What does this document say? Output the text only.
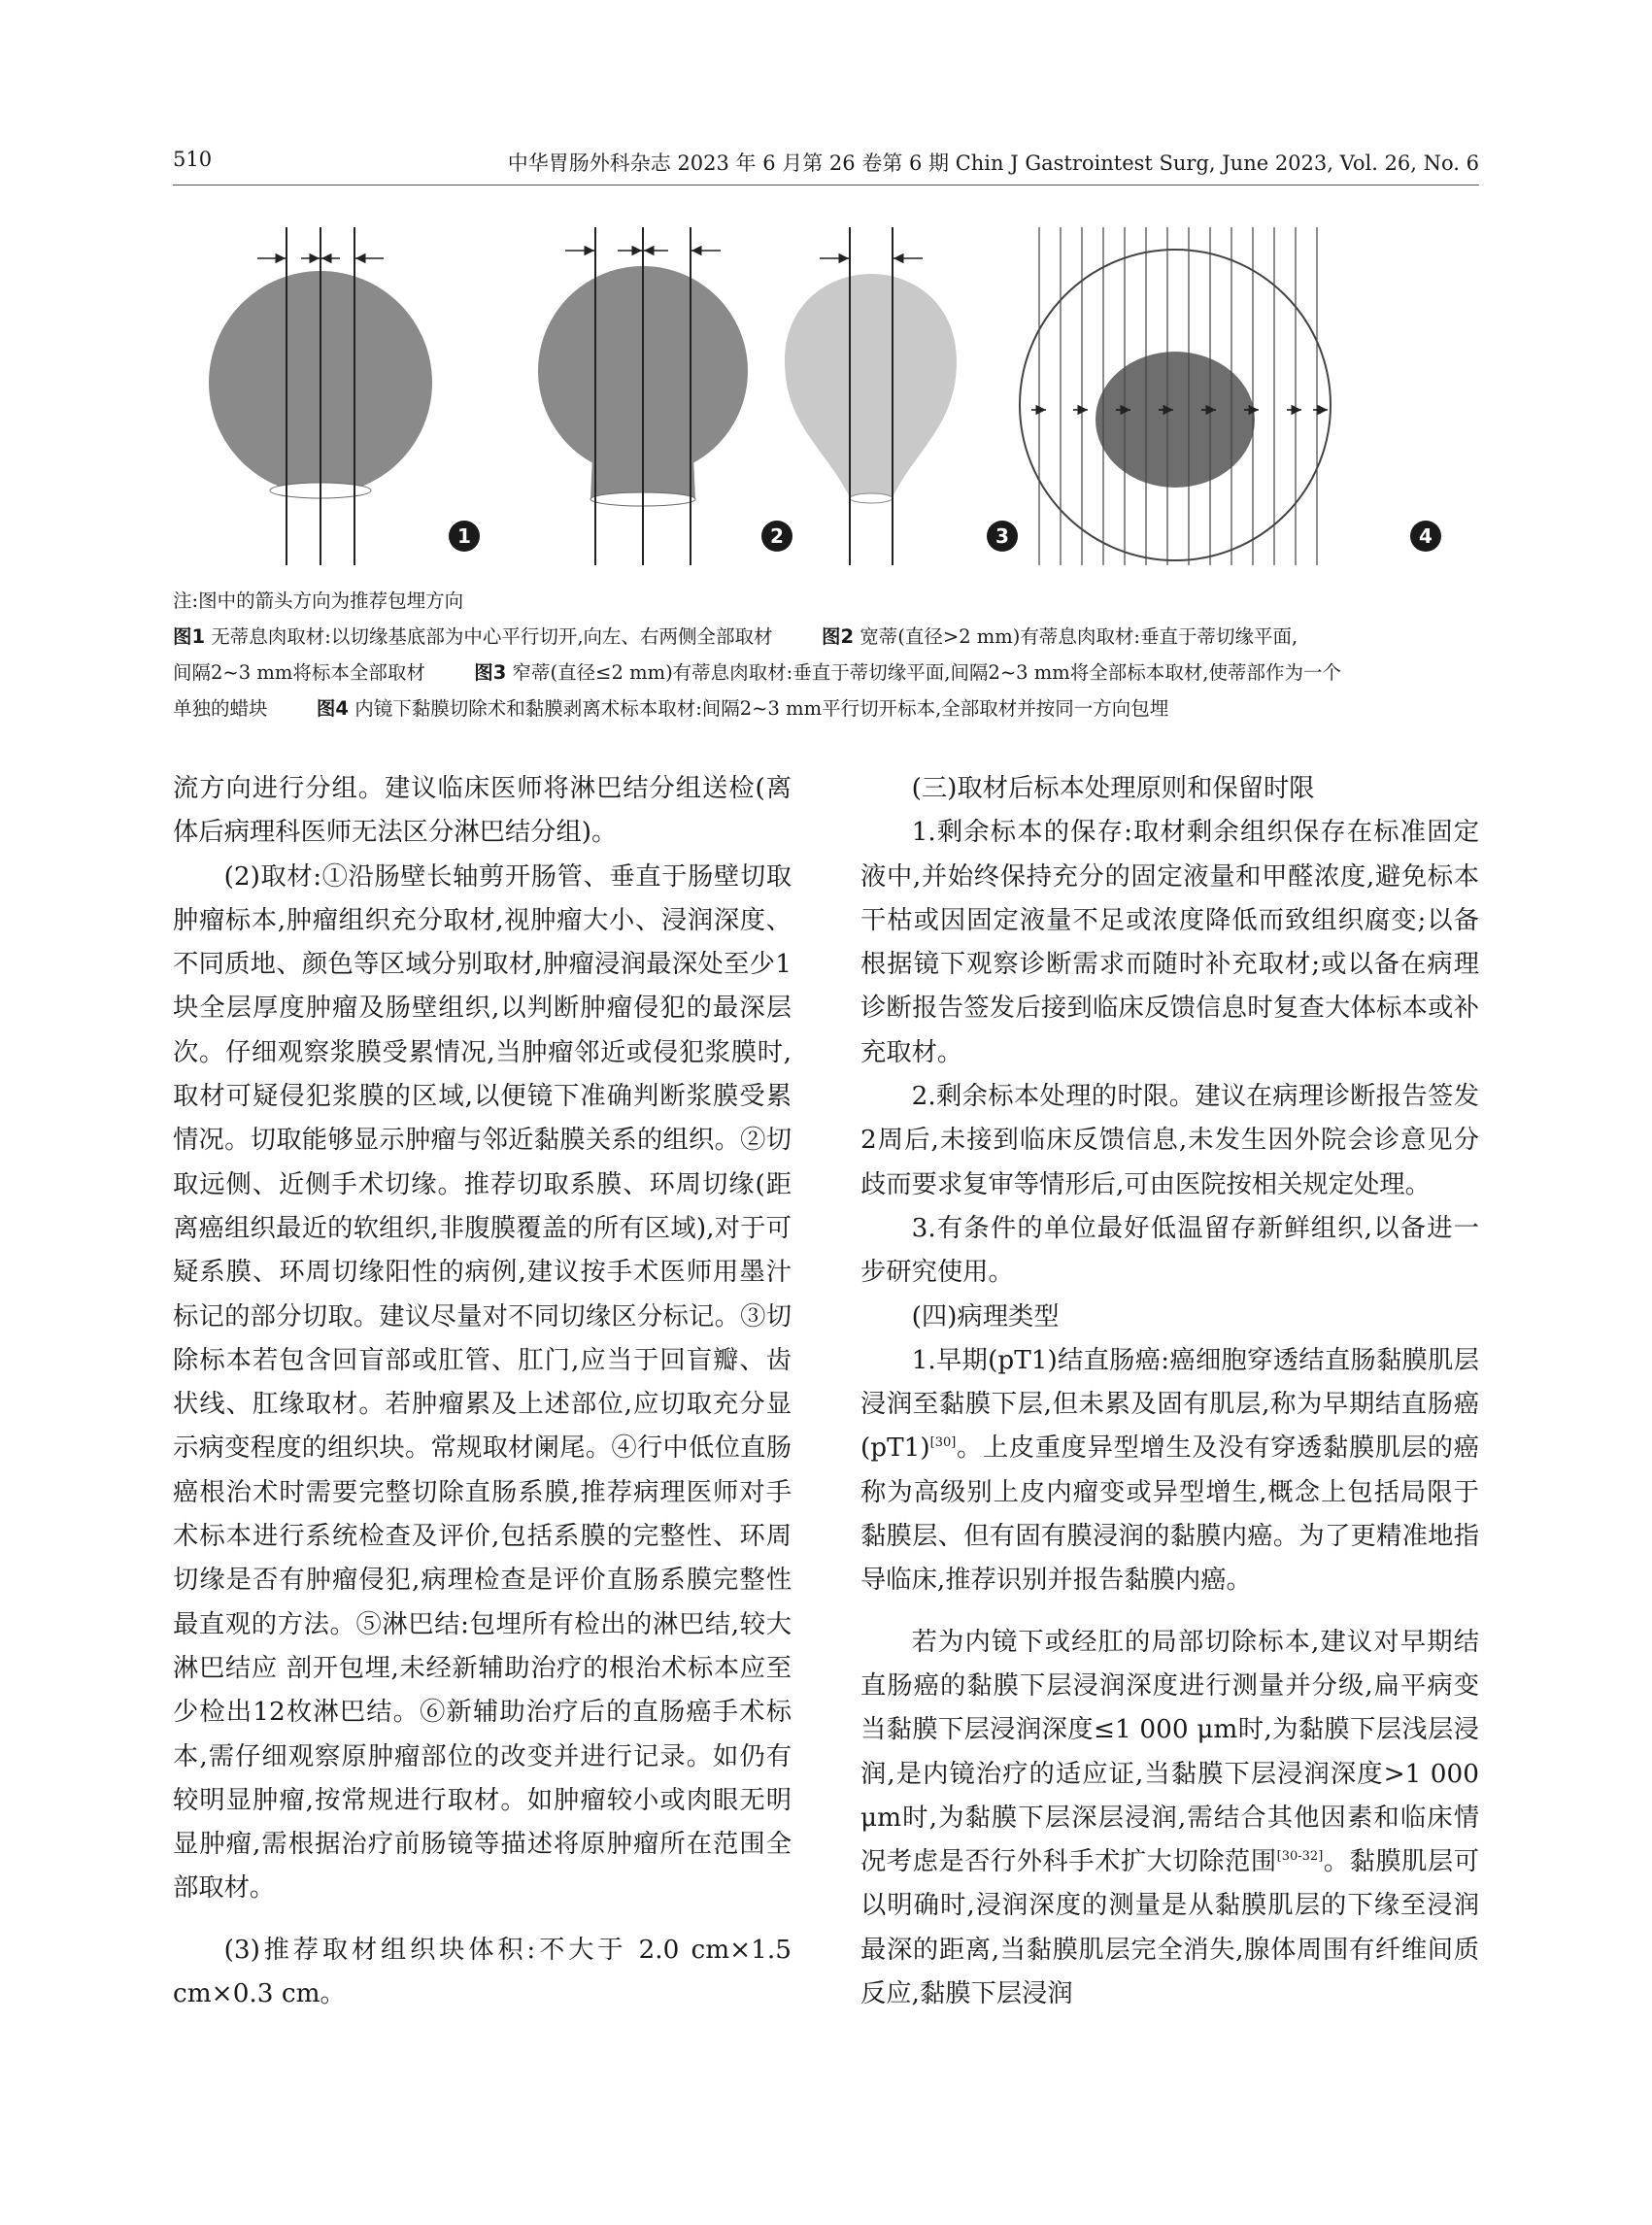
510	中华胃肠外科杂志 2023 年 6 月第 26 卷第 6 期 Chin J Gastrointest Surg, June 2023, Vol. 26, No. 6
1	2	3	4
注:图中的箭头方向为推荐包埋方向
图1 无蒂息肉取材:以切缘基底部为中心平行切开,向左、右两侧全部取材	图2 宽蒂(直径>2 mm)有蒂息肉取材:垂直于蒂切缘平面,
间隔2~3 mm将标本全部取材	图3 窄蒂(直径≤2 mm)有蒂息肉取材:垂直于蒂切缘平面,间隔2~3 mm将全部标本取材,使蒂部作为一个
单独的蜡块	图4 内镜下黏膜切除术和黏膜剥离术标本取材:间隔2~3 mm平行切开标本,全部取材并按同一方向包埋

流方向进行分组。建议临床医师将淋巴结分组送检(离体后病理科医师无法区分淋巴结分组)。

(2)取材:①沿肠壁长轴剪开肠管、垂直于肠壁切取肿瘤标本,肿瘤组织充分取材,视肿瘤大小、浸润深度、不同质地、颜色等区域分别取材,肿瘤浸润最深处至少1块全层厚度肿瘤及肠壁组织,以判断肿瘤侵犯的最深层次。仔细观察浆膜受累情况,当肿瘤邻近或侵犯浆膜时,取材可疑侵犯浆膜的区域,以便镜下准确判断浆膜受累情况。切取能够显示肿瘤与邻近黏膜关系的组织。②切取远侧、近侧手术切缘。推荐切取系膜、环周切缘(距离癌组织最近的软组织,非腹膜覆盖的所有区域),对于可疑系膜、环周切缘阳性的病例,建议按手术医师用墨汁标记的部分切取。建议尽量对不同切缘区分标记。③切除标本若包含回盲部或肛管、肛门,应当于回盲瓣、齿状线、肛缘取材。若肿瘤累及上述部位,应切取充分显示病变程度的组织块。常规取材阑尾。④行中低位直肠癌根治术时需要完整切除直肠系膜,推荐病理医师对手术标本进行系统检查及评价,包括系膜的完整性、环周切缘是否有肿瘤侵犯,病理检查是评价直肠系膜完整性最直观的方法。⑤淋巴结:包埋所有检出的淋巴结,较大淋巴结应 剖开包埋,未经新辅助治疗的根治术标本应至少检出12枚淋巴结。⑥新辅助治疗后的直肠癌手术标本,需仔细观察原肿瘤部位的改变并进行记录。如仍有较明显肿瘤,按常规进行取材。如肿瘤较小或肉眼无明显肿瘤,需根据治疗前肠镜等描述将原肿瘤所在范围全部取材。

(3)推荐取材组织块体积:不大于 2.0 cm×1.5 cm×0.3 cm。

(三)取材后标本处理原则和保留时限

1.剩余标本的保存:取材剩余组织保存在标准固定液中,并始终保持充分的固定液量和甲醛浓度,避免标本干枯或因固定液量不足或浓度降低而致组织腐变;以备根据镜下观察诊断需求而随时补充取材;或以备在病理诊断报告签发后接到临床反馈信息时复查大体标本或补充取材。

2.剩余标本处理的时限。建议在病理诊断报告签发2周后,未接到临床反馈信息,未发生因外院会诊意见分歧而要求复审等情形后,可由医院按相关规定处理。

3.有条件的单位最好低温留存新鲜组织,以备进一步研究使用。

(四)病理类型

1.早期(pT1)结直肠癌:癌细胞穿透结直肠黏膜肌层浸润至黏膜下层,但未累及固有肌层,称为早期结直肠癌(pT1)[30]。上皮重度异型增生及没有穿透黏膜肌层的癌称为高级别上皮内瘤变或异型增生,概念上包括局限于黏膜层、但有固有膜浸润的黏膜内癌。为了更精准地指导临床,推荐识别并报告黏膜内癌。

若为内镜下或经肛的局部切除标本,建议对早期结直肠癌的黏膜下层浸润深度进行测量并分级,扁平病变当黏膜下层浸润深度≤1 000 μm时,为黏膜下层浅层浸润,是内镜治疗的适应证,当黏膜下层浸润深度>1 000 μm时,为黏膜下层深层浸润,需结合其他因素和临床情况考虑是否行外科手术扩大切除范围[30-32]。黏膜肌层可以明确时,浸润深度的测量是从黏膜肌层的下缘至浸润最深的距离,当黏膜肌层完全消失,腺体周围有纤维间质反应,黏膜下层浸润
